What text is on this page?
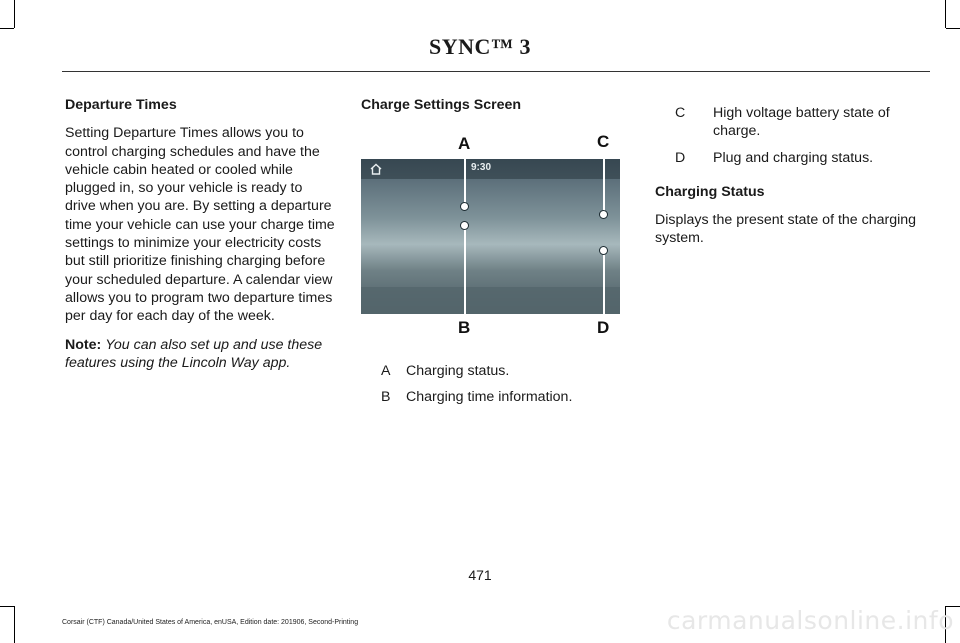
SYNC™ 3

Departure Times

Setting Departure Times allows you to control charging schedules and have the vehicle cabin heated or cooled while plugged in, so your vehicle is ready to drive when you are. By setting a departure time your vehicle can use your charge time settings to minimize your electricity costs but still prioritize finishing charging before your scheduled departure. A calendar view allows you to program two departure times per day for each day of the week.

Note: You can also set up and use these features using the Lincoln Way app.

Charge Settings Screen

9:30
A
B
C
D
A	Charging status.
B	Charging time information.
C	High voltage battery state of charge.
D	Plug and charging status.

Charging Status

Displays the present state of the charging system.

471
Corsair (CTF) Canada/United States of America, enUSA, Edition date: 201906, Second-Printing	carmanualsonline.info
